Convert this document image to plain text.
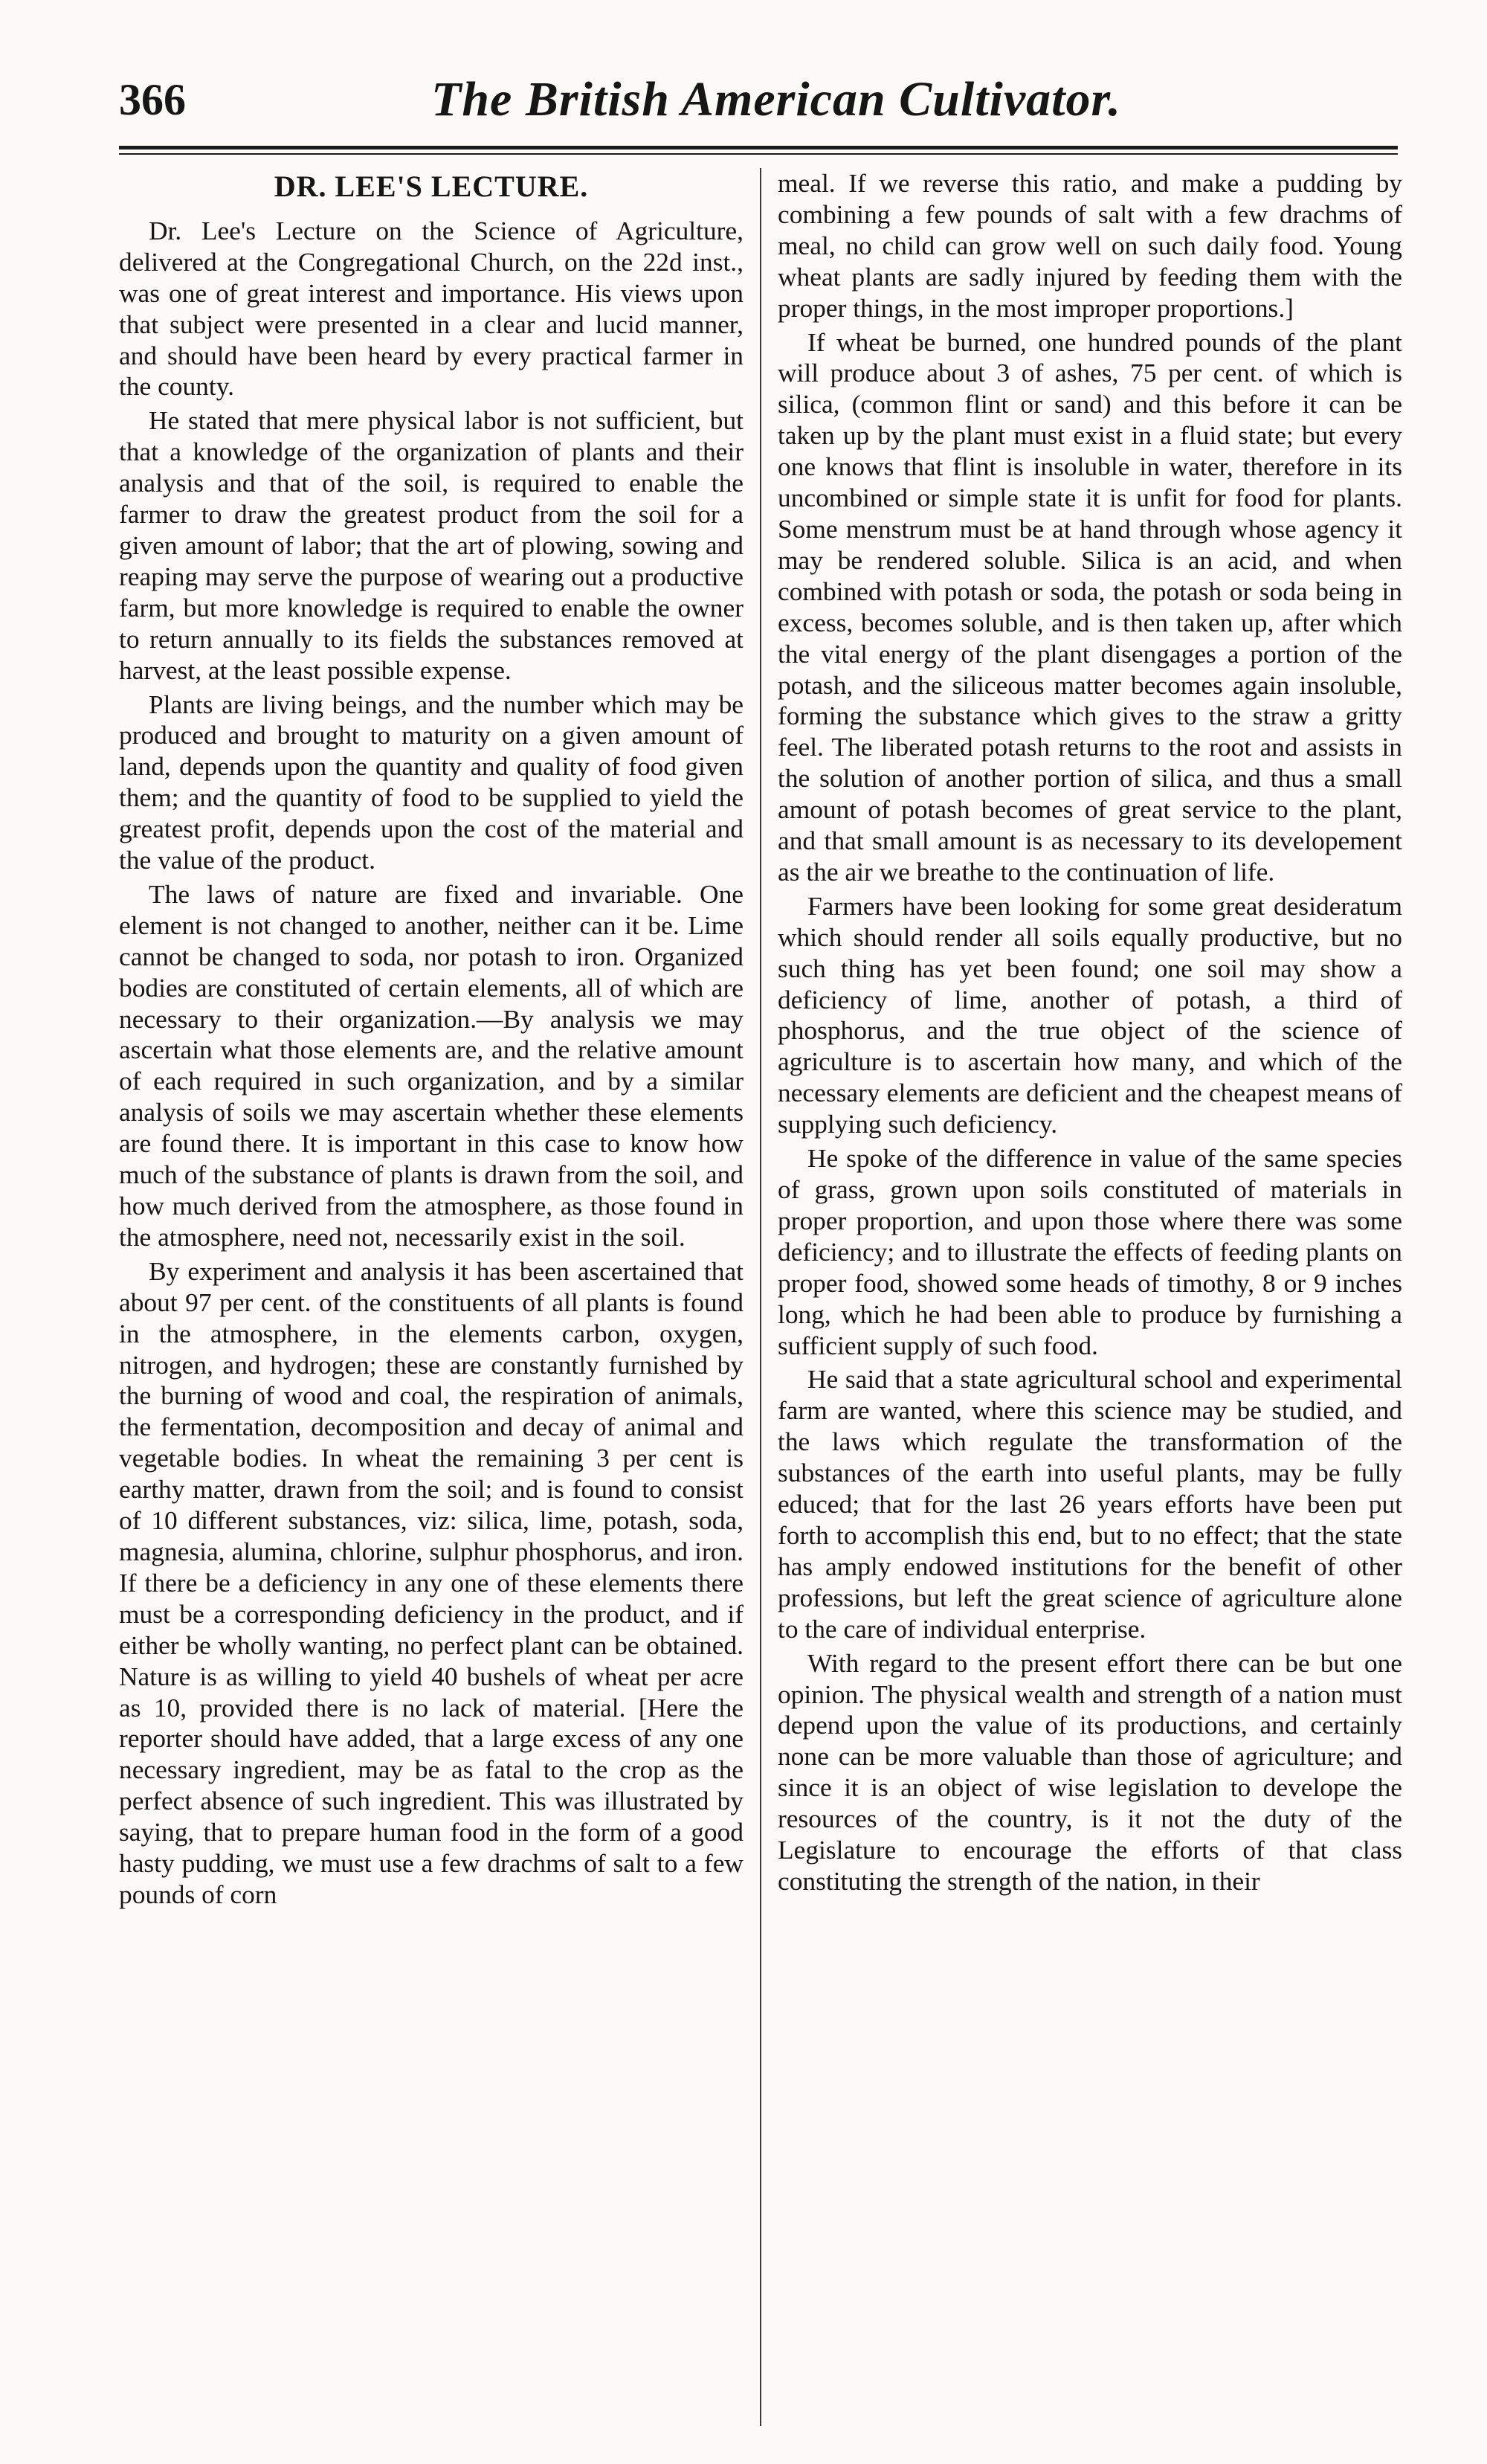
366	The British American Cultivator.
DR. LEE'S LECTURE.

Dr. Lee's Lecture on the Science of Agriculture, delivered at the Congregational Church, on the 22d inst., was one of great interest and importance. His views upon that subject were presented in a clear and lucid manner, and should have been heard by every practical farmer in the county.

He stated that mere physical labor is not sufficient, but that a knowledge of the organization of plants and their analysis and that of the soil, is required to enable the farmer to draw the greatest product from the soil for a given amount of labor; that the art of plowing, sowing and reaping may serve the purpose of wearing out a productive farm, but more knowledge is required to enable the owner to return annually to its fields the substances removed at harvest, at the least possible expense.

Plants are living beings, and the number which may be produced and brought to maturity on a given amount of land, depends upon the quantity and quality of food given them; and the quantity of food to be supplied to yield the greatest profit, depends upon the cost of the material and the value of the product.

The laws of nature are fixed and invariable. One element is not changed to another, neither can it be. Lime cannot be changed to soda, nor potash to iron. Organized bodies are constituted of certain elements, all of which are necessary to their organization.—By analysis we may ascertain what those elements are, and the relative amount of each required in such organization, and by a similar analysis of soils we may ascertain whether these elements are found there. It is important in this case to know how much of the substance of plants is drawn from the soil, and how much derived from the atmosphere, as those found in the atmosphere, need not, necessarily exist in the soil.

By experiment and analysis it has been ascertained that about 97 per cent. of the constituents of all plants is found in the atmosphere, in the elements carbon, oxygen, nitrogen, and hydrogen; these are constantly furnished by the burning of wood and coal, the respiration of animals, the fermentation, decomposition and decay of animal and vegetable bodies. In wheat the remaining 3 per cent is earthy matter, drawn from the soil; and is found to consist of 10 different substances, viz: silica, lime, potash, soda, magnesia, alumina, chlorine, sulphur phosphorus, and iron. If there be a deficiency in any one of these elements there must be a corresponding deficiency in the product, and if either be wholly wanting, no perfect plant can be obtained. Nature is as willing to yield 40 bushels of wheat per acre as 10, provided there is no lack of material. [Here the reporter should have added, that a large excess of any one necessary ingredient, may be as fatal to the crop as the perfect absence of such ingredient. This was illustrated by saying, that to prepare human food in the form of a good hasty pudding, we must use a few drachms of salt to a few pounds of corn

meal. If we reverse this ratio, and make a pudding by combining a few pounds of salt with a few drachms of meal, no child can grow well on such daily food. Young wheat plants are sadly injured by feeding them with the proper things, in the most improper proportions.]

If wheat be burned, one hundred pounds of the plant will produce about 3 of ashes, 75 per cent. of which is silica, (common flint or sand) and this before it can be taken up by the plant must exist in a fluid state; but every one knows that flint is insoluble in water, therefore in its uncombined or simple state it is unfit for food for plants. Some menstrum must be at hand through whose agency it may be rendered soluble. Silica is an acid, and when combined with potash or soda, the potash or soda being in excess, becomes soluble, and is then taken up, after which the vital energy of the plant disengages a portion of the potash, and the siliceous matter becomes again insoluble, forming the substance which gives to the straw a gritty feel. The liberated potash returns to the root and assists in the solution of another portion of silica, and thus a small amount of potash becomes of great service to the plant, and that small amount is as necessary to its developement as the air we breathe to the continuation of life.

Farmers have been looking for some great desideratum which should render all soils equally productive, but no such thing has yet been found; one soil may show a deficiency of lime, another of potash, a third of phosphorus, and the true object of the science of agriculture is to ascertain how many, and which of the necessary elements are deficient and the cheapest means of supplying such deficiency.

He spoke of the difference in value of the same species of grass, grown upon soils constituted of materials in proper proportion, and upon those where there was some deficiency; and to illustrate the effects of feeding plants on proper food, showed some heads of timothy, 8 or 9 inches long, which he had been able to produce by furnishing a sufficient supply of such food.

He said that a state agricultural school and experimental farm are wanted, where this science may be studied, and the laws which regulate the transformation of the substances of the earth into useful plants, may be fully educed; that for the last 26 years efforts have been put forth to accomplish this end, but to no effect; that the state has amply endowed institutions for the benefit of other professions, but left the great science of agriculture alone to the care of individual enterprise.

With regard to the present effort there can be but one opinion. The physical wealth and strength of a nation must depend upon the value of its productions, and certainly none can be more valuable than those of agriculture; and since it is an object of wise legislation to develope the resources of the country, is it not the duty of the Legislature to encourage the efforts of that class constituting the strength of the nation, in their
